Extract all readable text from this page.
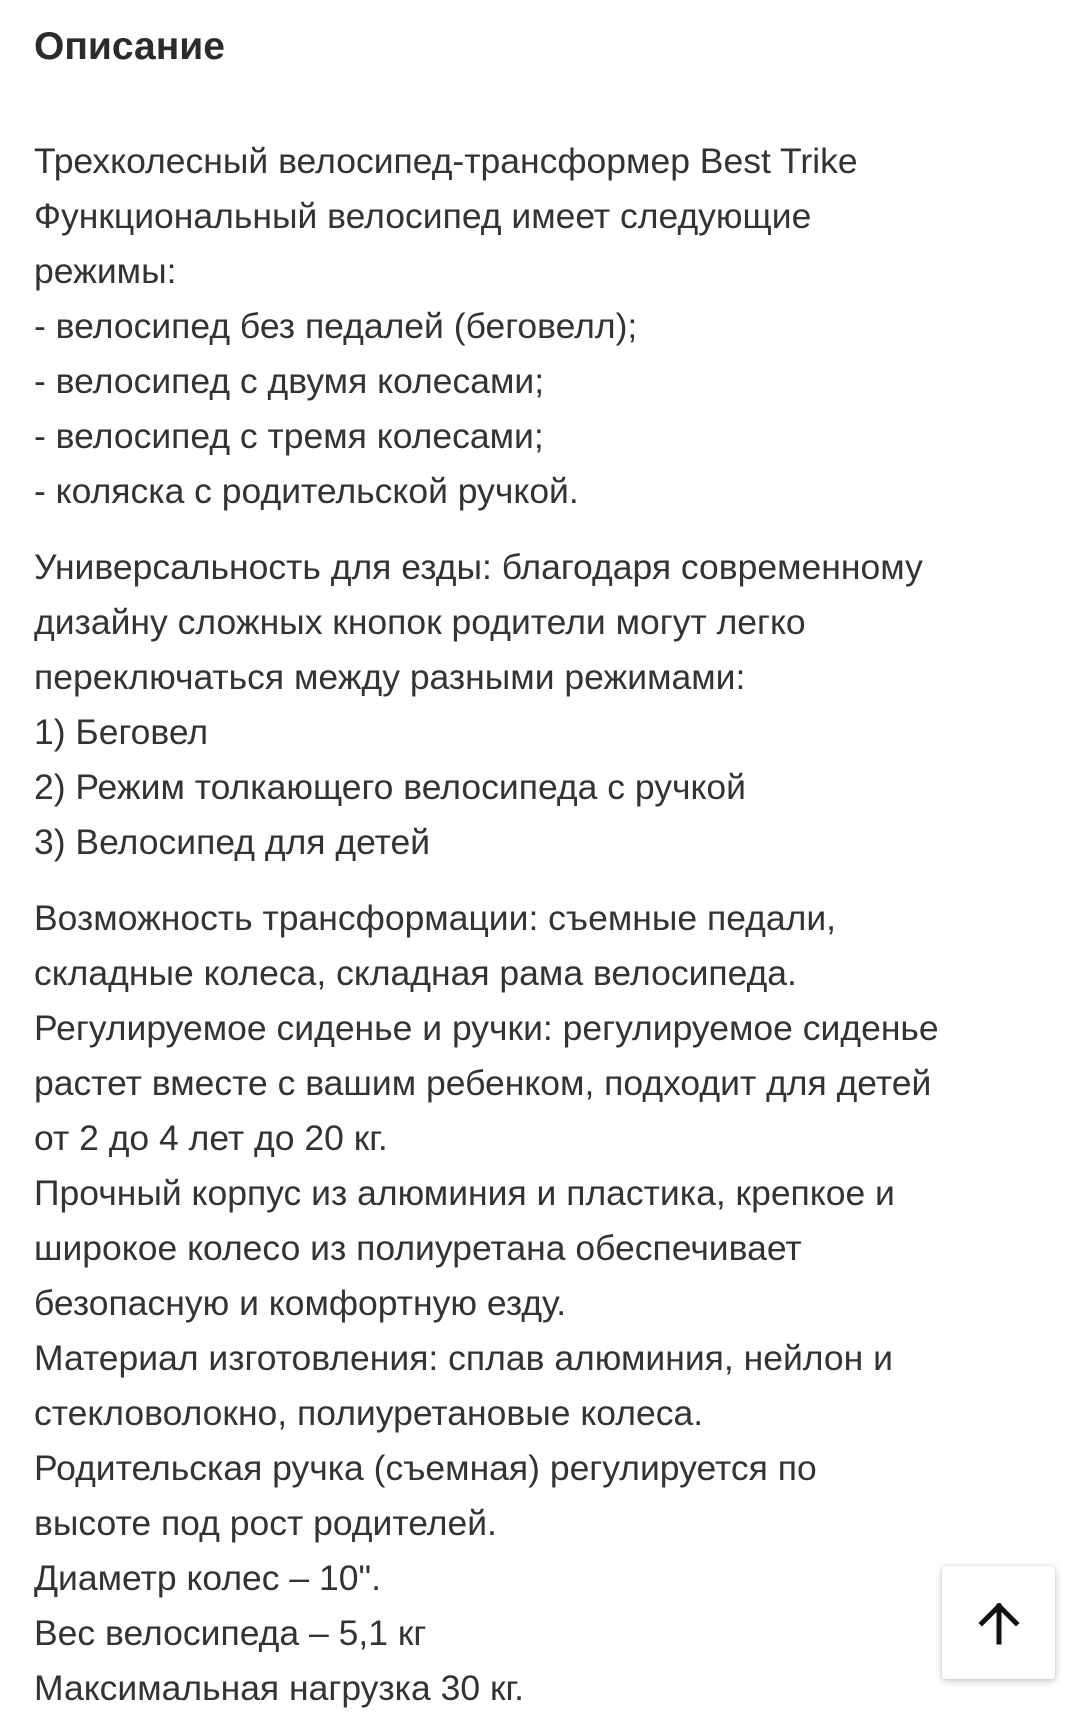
Описание

Трехколесный велосипед-трансформер Best Trike
Функциональный велосипед имеет следующие
режимы:
- велосипед без педалей (беговелл);
- велосипед с двумя колесами;
- велосипед с тремя колесами;
- коляска с родительской ручкой.

Универсальность для езды: благодаря современному
дизайну сложных кнопок родители могут легко
переключаться между разными режимами:
1) Беговел
2) Режим толкающего велосипеда с ручкой
3) Велосипед для детей

Возможность трансформации: съемные педали,
складные колеса, складная рама велосипеда.
Регулируемое сиденье и ручки: регулируемое сиденье
растет вместе с вашим ребенком, подходит для детей
от 2 до 4 лет до 20 кг.
Прочный корпус из алюминия и пластика, крепкое и
широкое колесо из полиуретана обеспечивает
безопасную и комфортную езду.
Материал изготовления: сплав алюминия, нейлон и
стекловолокно, полиуретановые колеса.
Родительская ручка (съемная) регулируется по
высоте под рост родителей.
Диаметр колес – 10".
Вес велосипеда – 5,1 кг
Максимальная нагрузка 30 кг.
